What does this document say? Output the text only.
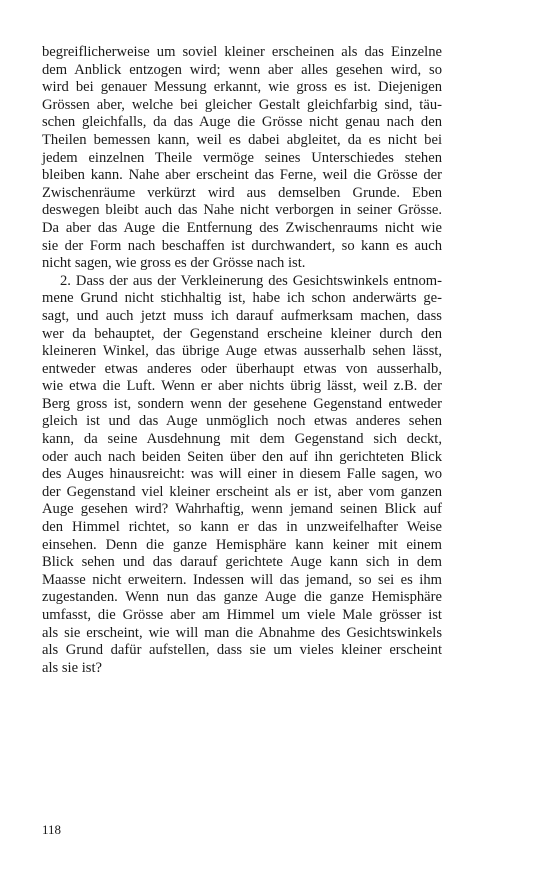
begreiflicherweise um soviel kleiner erscheinen als das Einzelne
dem Anblick entzogen wird; wenn aber alles gesehen wird, so
wird bei genauer Messung erkannt, wie gross es ist. Diejenigen
Grössen aber, welche bei gleicher Gestalt gleichfarbig sind, täu-
schen gleichfalls, da das Auge die Grösse nicht genau nach den
Theilen bemessen kann, weil es dabei abgleitet, da es nicht bei
jedem einzelnen Theile vermöge seines Unterschiedes stehen
bleiben kann. Nahe aber erscheint das Ferne, weil die Grösse der
Zwischenräume verkürzt wird aus demselben Grunde. Eben
deswegen bleibt auch das Nahe nicht verborgen in seiner Grösse.
Da aber das Auge die Entfernung des Zwischenraums nicht wie
sie der Form nach beschaffen ist durchwandert, so kann es auch
nicht sagen, wie gross es der Grösse nach ist.
2. Dass der aus der Verkleinerung des Gesichtswinkels entnom-
mene Grund nicht stichhaltig ist, habe ich schon anderwärts ge-
sagt, und auch jetzt muss ich darauf aufmerksam machen, dass
wer da behauptet, der Gegenstand erscheine kleiner durch den
kleineren Winkel, das übrige Auge etwas ausserhalb sehen lässt,
entweder etwas anderes oder überhaupt etwas von ausserhalb,
wie etwa die Luft. Wenn er aber nichts übrig lässt, weil z.B. der
Berg gross ist, sondern wenn der gesehene Gegenstand entweder
gleich ist und das Auge unmöglich noch etwas anderes sehen
kann, da seine Ausdehnung mit dem Gegenstand sich deckt,
oder auch nach beiden Seiten über den auf ihn gerichteten Blick
des Auges hinausreicht: was will einer in diesem Falle sagen, wo
der Gegenstand viel kleiner erscheint als er ist, aber vom ganzen
Auge gesehen wird? Wahrhaftig, wenn jemand seinen Blick auf
den Himmel richtet, so kann er das in unzweifelhafter Weise
einsehen. Denn die ganze Hemisphäre kann keiner mit einem
Blick sehen und das darauf gerichtete Auge kann sich in dem
Maasse nicht erweitern. Indessen will das jemand, so sei es ihm
zugestanden. Wenn nun das ganze Auge die ganze Hemisphäre
umfasst, die Grösse aber am Himmel um viele Male grösser ist
als sie erscheint, wie will man die Abnahme des Gesichtswinkels
als Grund dafür aufstellen, dass sie um vieles kleiner erscheint
als sie ist?
118
